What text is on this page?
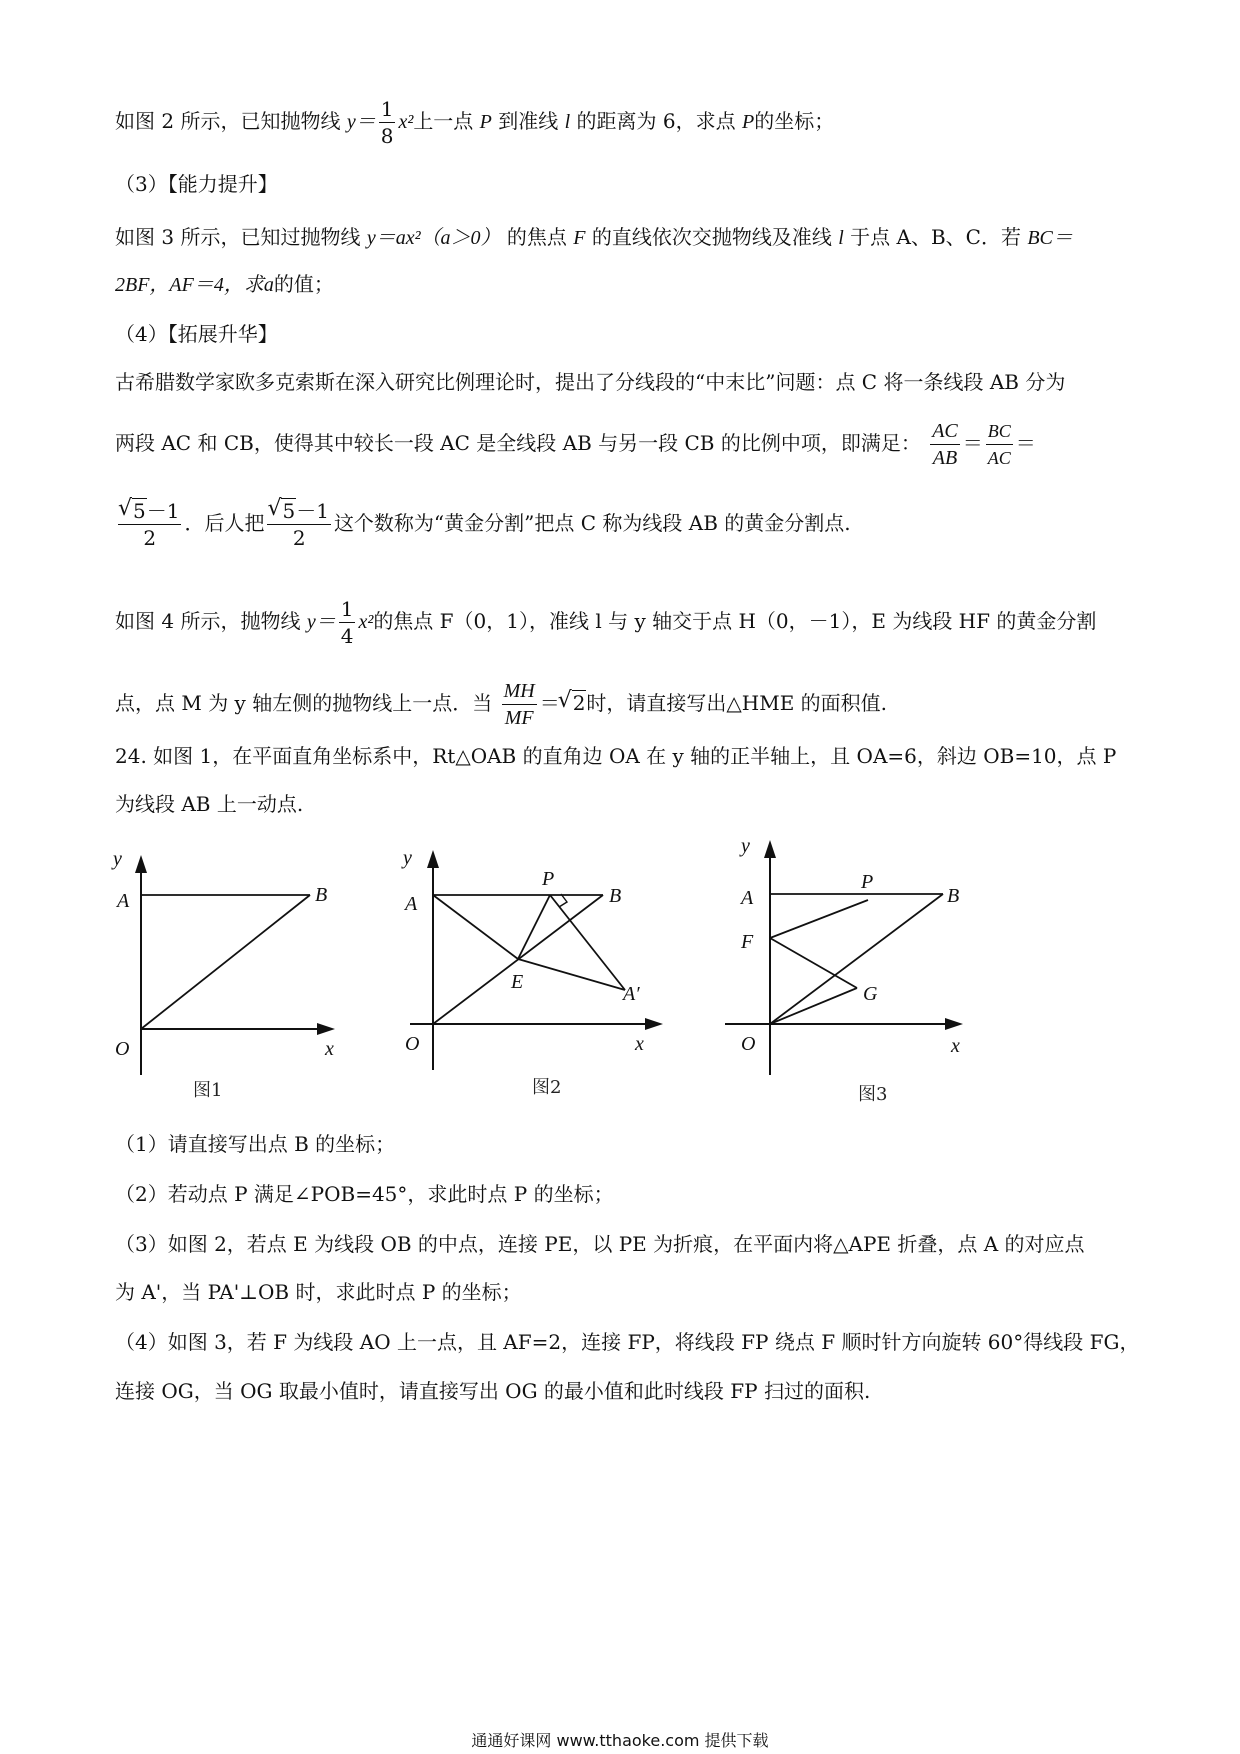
如图 2 所示，已知抛物线 $y= \frac{1}{8} x^2$上一点 P 到准线 l 的距离为 6，求点 P的坐标；
（3）【能力提升】
如图 3 所示，已知过抛物线 y＝ax²（a＞0） 的焦点 F 的直线依次交抛物线及准线 l 于点 A、B、C．若 BC＝
2BF，AF＝4，求a的值；
（4）【拓展升华】
古希腊数学家欧多克索斯在深入研究比例理论时，提出了分线段的“中末比”问题：点 C 将一条线段 AB 分为
两段 AC 和 CB，使得其中较长一段 AC 是全线段 AB 与另一段 CB 的比例中项，即满足： $\frac{AC}{AB} = \frac{BC}{AC}$ ＝
√ $\frac{5-1}{2}$ ．后人把 √ $\frac{5-1}{2}$ 这个数称为“黄金分割”把点 C 称为线段 AB 的黄金分割点.
如图 4 所示，抛物线 $y= \frac{1}{4} x^2$的焦点 F（0，1），准线 l 与 y 轴交于点 H（0，－1），E 为线段 HF 的黄金分割
点，点 M 为 y 轴左侧的抛物线上一点．当 $\frac{MH}{MF}$ ＝ √ 2时，请直接写出△HME 的面积值.
24. 如图 1，在平面直角坐标系中，Rt△OAB 的直角边 OA 在 y 轴的正半轴上，且 OA=6，斜边 OB=10，点 P
为线段 AB 上一动点.
y
A	B
O	x
图1
y
A
P
B
E
A′
O	x
图2
y
A
P
B
F
G
O	x
图3
（1）请直接写出点 B 的坐标；
（2）若动点 P 满足∠POB=45°，求此时点 P 的坐标；
（3）如图 2，若点 E 为线段 OB 的中点，连接 PE，以 PE 为折痕，在平面内将△APE 折叠，点 A 的对应点
为 A'，当 PA'⊥OB 时，求此时点 P 的坐标；
（4）如图 3，若 F 为线段 AO 上一点，且 AF=2，连接 FP，将线段 FP 绕点 F 顺时针方向旋转 60°得线段 FG，
连接 OG，当 OG 取最小值时，请直接写出 OG 的最小值和此时线段 FP 扫过的面积.
通通好课网 www.tthaoke.com 提供下载
